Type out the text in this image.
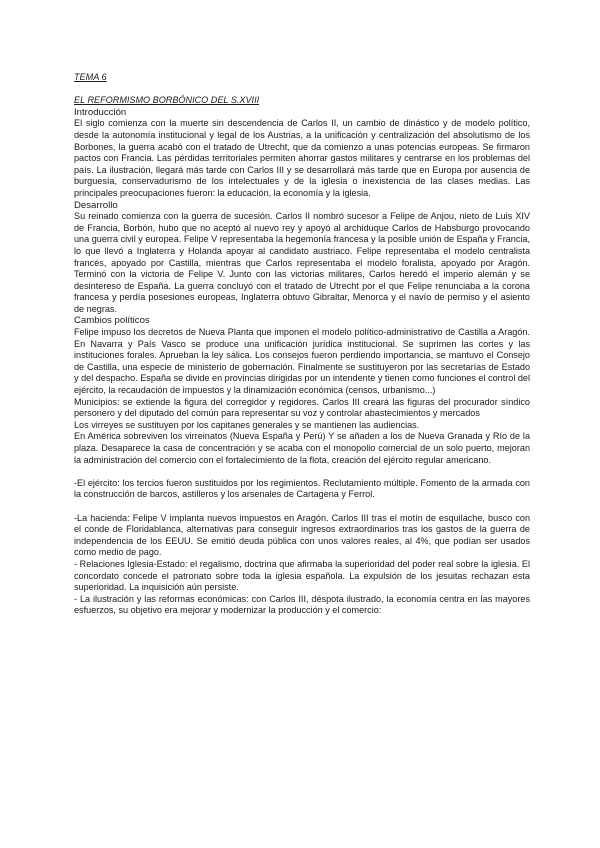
TEMA 6
EL REFORMISMO BORBÓNICO DEL S.XVIII
Introducción

El siglo comienza con la muerte sin descendencia de Carlos II, un cambio de dinástico y de modelo político, desde la autonomía institucional y legal de los Austrias, a la unificación y centralización del absolutismo de los Borbones, la guerra acabó con el tratado de Utrecht, que da comienzo a unas potencias europeas. Se firmaron pactos con Francia. Las pérdidas territoriales permiten ahorrar gastos militares y centrarse en los problemas del país. La ilustración, llegará más tarde con Carlos III y se desarrollará más tarde que en Europa por ausencia de burguesía, conservadurismo de los intelectuales y de la iglesia o inexistencia de las clases medias. Las principales preocupaciones fueron: la educación, la economía y la iglesia.

Desarrollo

Su reinado comienza con la guerra de sucesión. Carlos II nombró sucesor a Felipe de Anjou, nieto de Luis XIV de Francia, Borbón, hubo que no aceptó al nuevo rey y apoyó al archiduque Carlos de Habsburgo provocando una guerra civil y europea. Felipe V representaba la hegemonía francesa y la posible unión de España y Francia, lo que llevó a Inglaterra y Holanda apoyar al candidato austriaco. Felipe representaba el modelo centralista francés, apoyado por Castilla, mientras que Carlos representaba el modelo foralista, apoyado por Aragón. Terminó con la victoria de Felipe V. Junto con las victorias militares, Carlos heredó el imperio alemán y se desintereso de España. La guerra concluyó con el tratado de Utrecht por el que Felipe renunciaba a la corona francesa y perdía posesiones europeas, Inglaterra obtuvo Gibraltar, Menorca y el navío de permiso y el asiento de negras.

Cambios políticos

Felipe impuso los decretos de Nueva Planta que imponen el modelo político-administrativo de Castilla a Aragón. En Navarra y País Vasco se produce una unificación jurídica institucional. Se suprimen las cortes y las instituciones forales. Aprueban la ley sálica. Los consejos fueron perdiendo importancia, se mantuvo el Consejo de Castilla, una especie de ministerio de gobernación. Finalmente se sustituyeron por las secretarías de Estado y del despacho. España se divide en provincias dirigidas por un intendente y tienen como funciones el control del ejército, la recaudación de impuestos y la dinamización económica (censos, urbanismo...)

Municipios: se extiende la figura del corregidor y regidores. Carlos III creará las figuras del procurador síndico personero y del diputado del común para representar su voz y controlar abastecimientos y mercados

Los virreyes se sustituyen por los capitanes generales y se mantienen las audiencias.

En América sobreviven los virreinatos (Nueva España y Perú) Y se añaden a los de Nueva Granada y Río de la plaza. Desaparece la casa de concentración y se acaba con el monopolio comercial de un solo puerto, mejoran la administración del comercio con el fortalecimiento de la flota, creación del ejército regular americano.

-El ejército: los tercios fueron sustituidos por los regimientos. Reclutamiento múltiple. Fomento de la armada con la construcción de barcos, astilleros y los arsenales de Cartagena y Ferrol.

-La hacienda: Felipe V implanta nuevos impuestos en Aragón. Carlos III tras el motín de esquilache, busco con el conde de Floridablanca, alternativas para conseguir ingresos extraordinarios tras los gastos de la guerra de independencia de los EEUU. Se emitió deuda pública con unos valores reales, al 4%, que podían ser usados como medio de pago.

- Relaciones Iglesia-Estado: el regalismo, doctrina que afirmaba la superioridad del poder real sobre la iglesia. El concordato concede el patronato sobre toda la iglesia española. La expulsión de los jesuitas rechazan esta superioridad. La inquisición aún persiste.

- La ilustración y las reformas económicas: con Carlos III, déspota ilustrado, la economía centra en las mayores esfuerzos, su objetivo era mejorar y modernizar la producción y el comercio:
